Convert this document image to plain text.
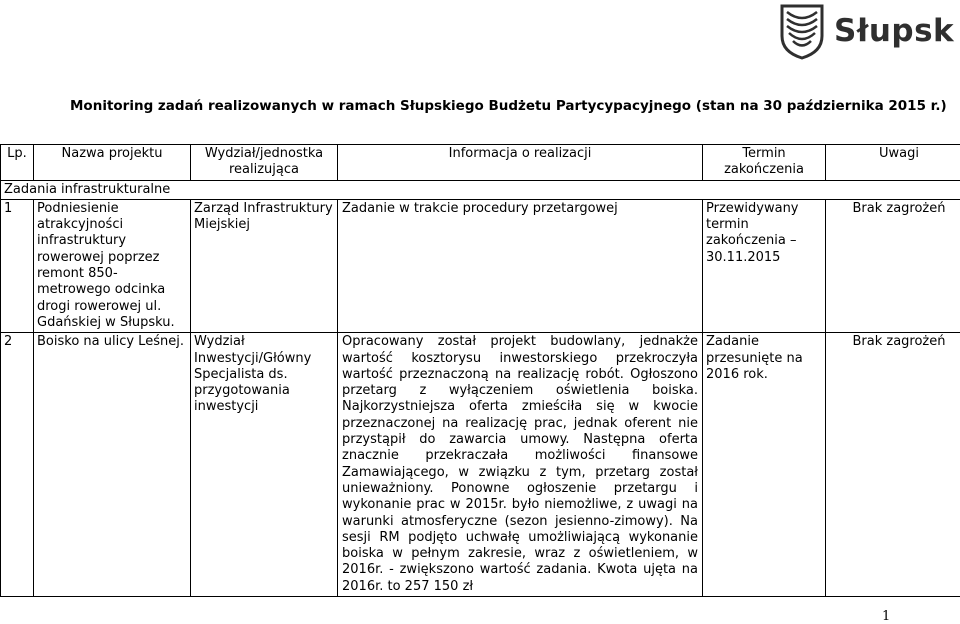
Słupsk
Monitoring zadań realizowanych w ramach Słupskiego Budżetu Partycypacyjnego (stan na 30 października 2015 r.)
Lp.	Nazwa projektu	Wydział/jednostka realizująca	Informacja o realizacji	Termin zakończenia	Uwagi
Zadania infrastrukturalne					
1	Podniesienie atrakcyjności infrastruktury rowerowej poprzez remont 850-metrowego odcinka drogi rowerowej ul. Gdańskiej w Słupsku.	Zarząd Infrastruktury Miejskiej	Zadanie w trakcie procedury przetargowej	Przewidywany termin zakończenia – 30.11.2015	Brak zagrożeń
2	Boisko na ulicy Leśnej.	Wydział Inwestycji/Główny Specjalista ds. przygotowania inwestycji	Opracowany został projekt budowlany, jednakże wartość kosztorysu inwestorskiego przekroczyła wartość przeznaczoną na realizację robót. Ogłoszono przetarg z wyłączeniem oświetlenia boiska. Najkorzystniejsza oferta zmieściła się w kwocie przeznaczonej na realizację prac, jednak oferent nie przystąpił do zawarcia umowy. Następna oferta znacznie przekraczała możliwości finansowe Zamawiającego, w związku z tym, przetarg został unieważniony. Ponowne ogłoszenie przetargu i wykonanie prac w 2015r. było niemożliwe, z uwagi na warunki atmosferyczne (sezon jesienno-zimowy). Na sesji RM podjęto uchwałę umożliwiającą wykonanie boiska w pełnym zakresie, wraz z oświetleniem, w 2016r. - zwiększono wartość zadania. Kwota ujęta na 2016r. to 257 150 zł	Zadanie przesunięte na 2016 rok.	Brak zagrożeń
1
